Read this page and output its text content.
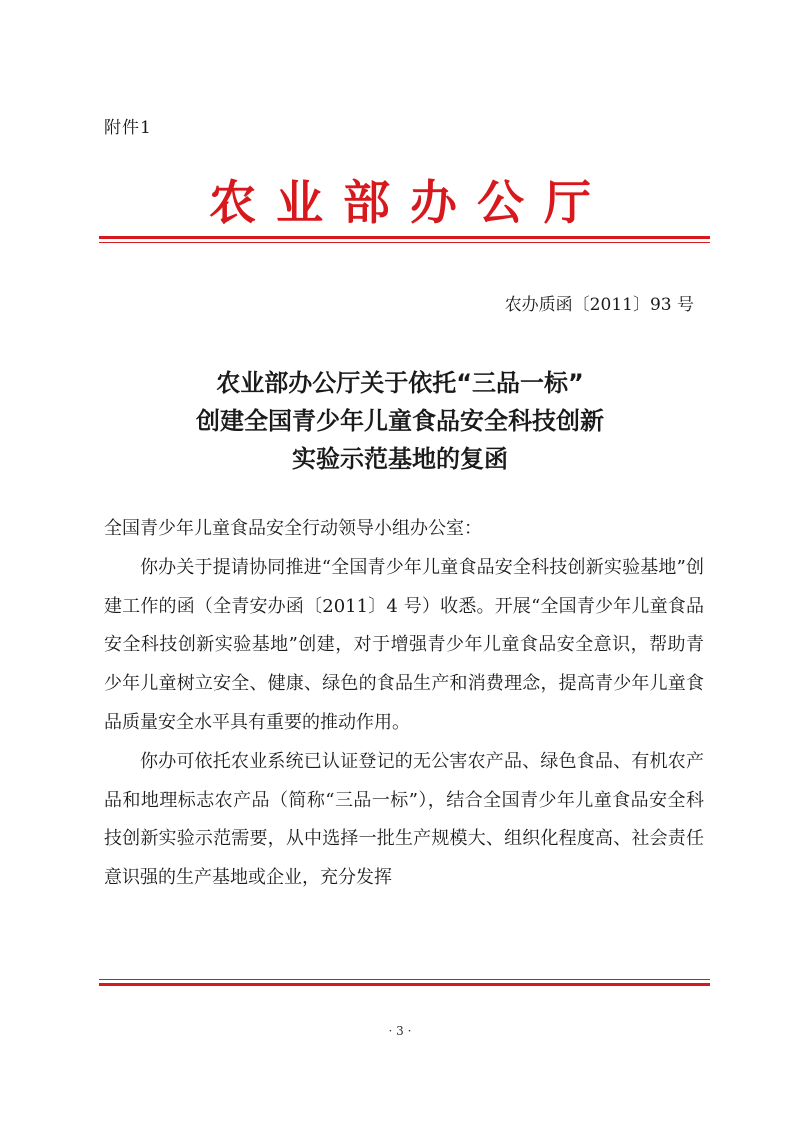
附件1
农业部办公厅
农办质函〔2011〕93 号
农业部办公厅关于依托“三品一标”
创建全国青少年儿童食品安全科技创新
实验示范基地的复函

全国青少年儿童食品安全行动领导小组办公室：

你办关于提请协同推进“全国青少年儿童食品安全科技创新实验基地”创建工作的函（全青安办函〔2011〕4 号）收悉。开展“全国青少年儿童食品安全科技创新实验基地”创建，对于增强青少年儿童食品安全意识，帮助青少年儿童树立安全、健康、绿色的食品生产和消费理念，提高青少年儿童食品质量安全水平具有重要的推动作用。

你办可依托农业系统已认证登记的无公害农产品、绿色食品、有机农产品和地理标志农产品（简称“三品一标”），结合全国青少年儿童食品安全科技创新实验示范需要，从中选择一批生产规模大、组织化程度高、社会责任意识强的生产基地或企业，充分发挥

· 3 ·
